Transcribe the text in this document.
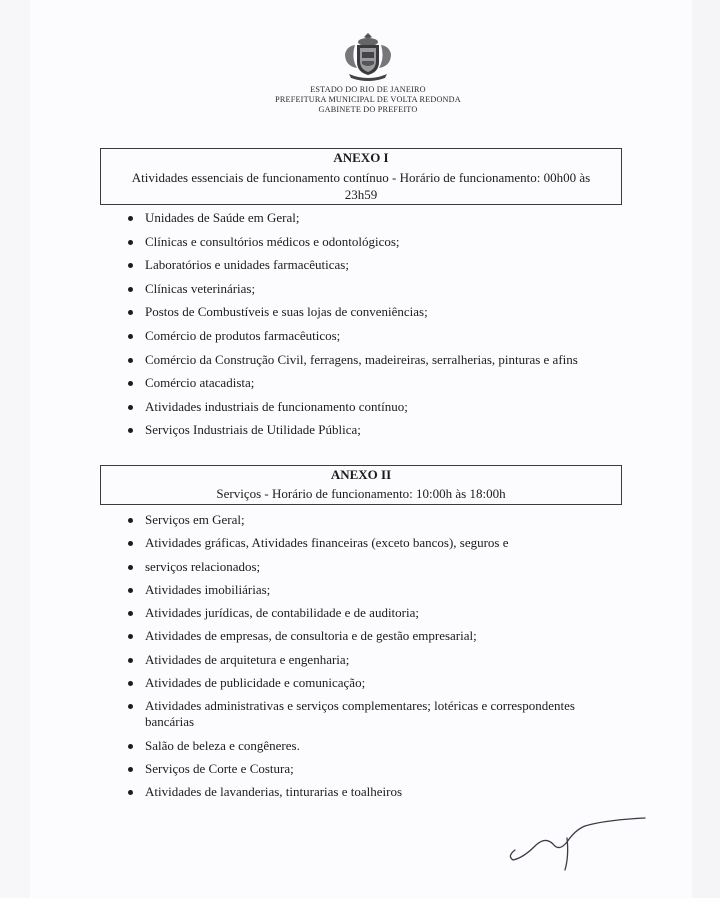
ESTADO DO RIO DE JANEIRO
PREFEITURA MUNICIPAL DE VOLTA REDONDA
GABINETE DO PREFEITO
ANEXO I
Atividades essenciais de funcionamento contínuo - Horário de funcionamento: 00h00 às 23h59
Unidades de Saúde em Geral;
Clínicas e consultórios médicos e odontológicos;
Laboratórios e unidades farmacêuticas;
Clínicas veterinárias;
Postos de Combustíveis e suas lojas de conveniências;
Comércio de produtos farmacêuticos;
Comércio da Construção Civil, ferragens, madeireiras, serralherias, pinturas e afins
Comércio atacadista;
Atividades industriais de funcionamento contínuo;
Serviços Industriais de Utilidade Pública;
ANEXO II
Serviços - Horário de funcionamento: 10:00h às 18:00h
Serviços em Geral;
Atividades gráficas, Atividades financeiras (exceto bancos), seguros e
serviços relacionados;
Atividades imobiliárias;
Atividades jurídicas, de contabilidade e de auditoria;
Atividades de empresas, de consultoria e de gestão empresarial;
Atividades de arquitetura e engenharia;
Atividades de publicidade e comunicação;
Atividades administrativas e serviços complementares; lotéricas e correspondentes bancárias
Salão de beleza e congêneres.
Serviços de Corte e Costura;
Atividades de lavanderias, tinturarias e toalheiros
